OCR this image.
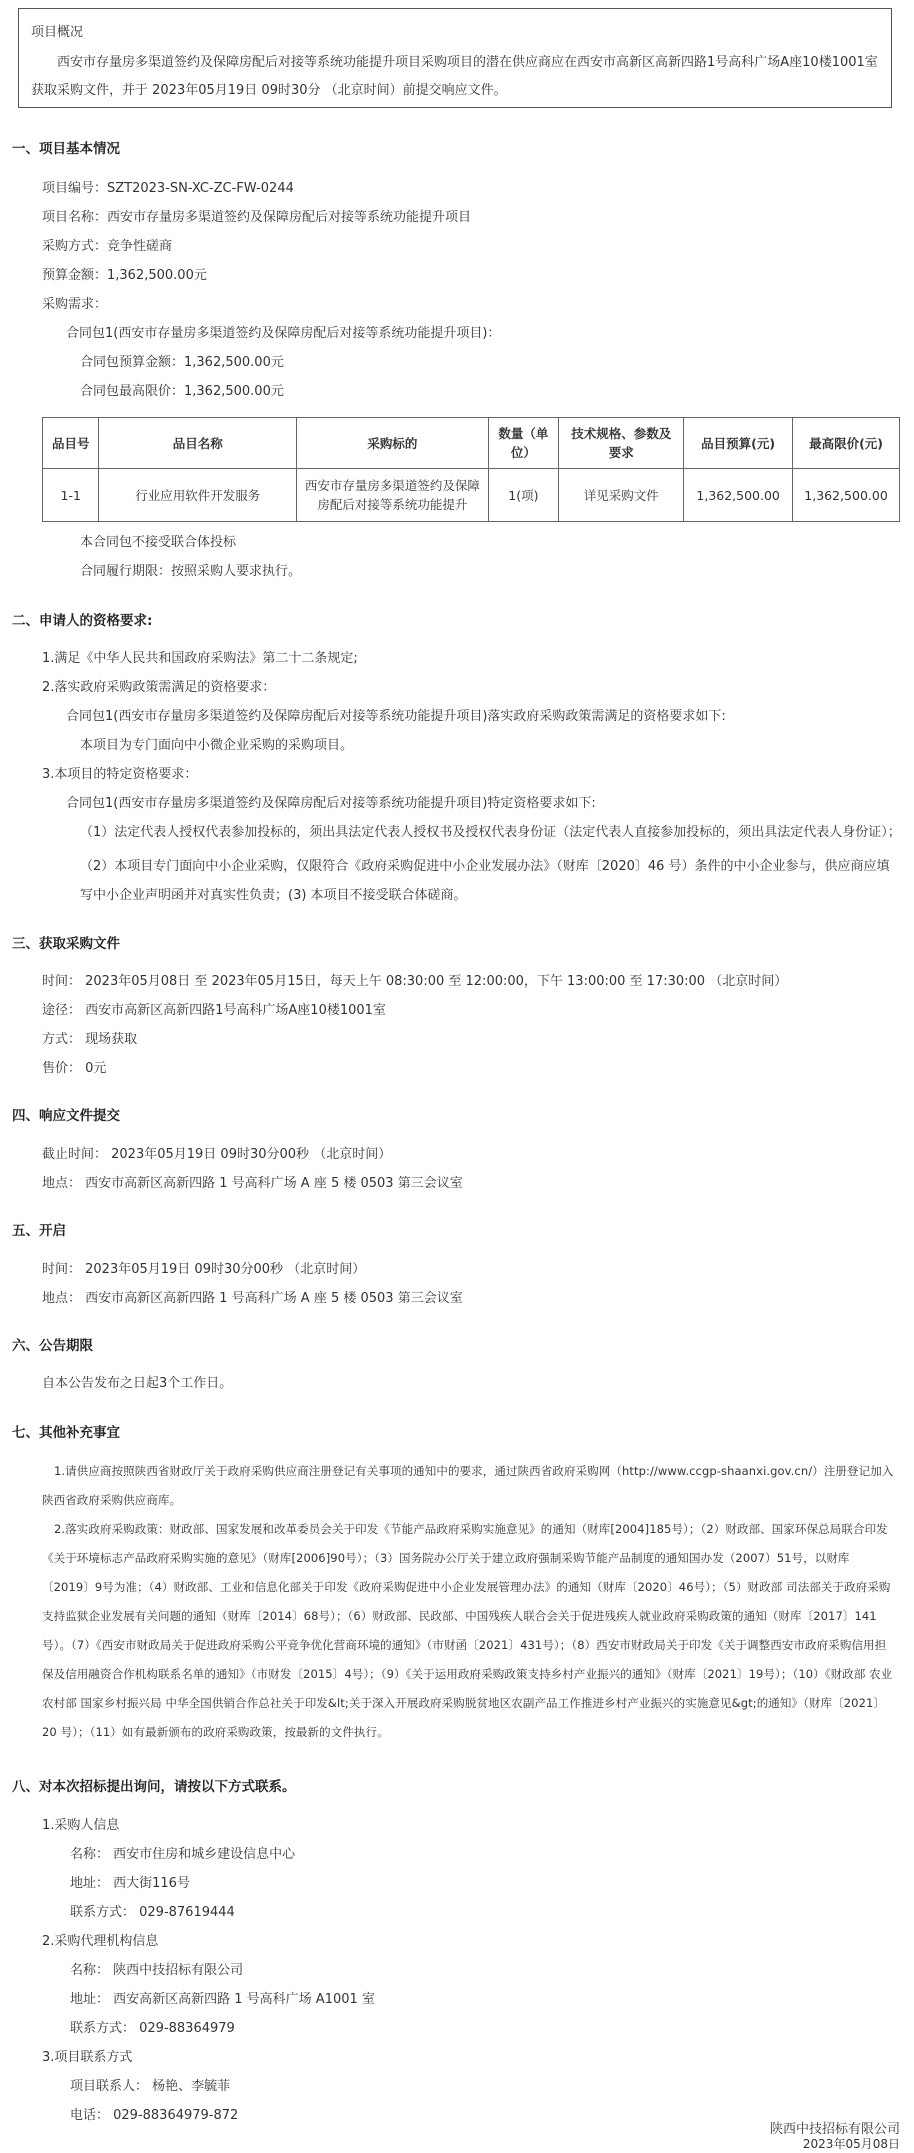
项目概况
西安市存量房多渠道签约及保障房配后对接等系统功能提升项目采购项目的潜在供应商应在西安市高新区高新四路1号高科广场A座10楼1001室获取采购文件，并于 2023年05月19日 09时30分 （北京时间）前提交响应文件。
一、项目基本情况
项目编号：SZT2023-SN-XC-ZC-FW-0244
项目名称：西安市存量房多渠道签约及保障房配后对接等系统功能提升项目
采购方式：竞争性磋商
预算金额：1,362,500.00元
采购需求：
合同包1(西安市存量房多渠道签约及保障房配后对接等系统功能提升项目)：
合同包预算金额：1,362,500.00元
合同包最高限价：1,362,500.00元
品目号	品目名称	采购标的	数量（单位）	技术规格、参数及要求	品目预算(元)	最高限价(元)
1-1	行业应用软件开发服务	西安市存量房多渠道签约及保障房配后对接等系统功能提升	1(项)	详见采购文件	1,362,500.00	1,362,500.00
本合同包不接受联合体投标
合同履行期限：按照采购人要求执行。
二、申请人的资格要求:
1.满足《中华人民共和国政府采购法》第二十二条规定;
2.落实政府采购政策需满足的资格要求：
合同包1(西安市存量房多渠道签约及保障房配后对接等系统功能提升项目)落实政府采购政策需满足的资格要求如下:
本项目为专门面向中小微企业采购的采购项目。
3.本项目的特定资格要求：
合同包1(西安市存量房多渠道签约及保障房配后对接等系统功能提升项目)特定资格要求如下:
（1）法定代表人授权代表参加投标的，须出具法定代表人授权书及授权代表身份证（法定代表人直接参加投标的，须出具法定代表人身份证）；
（2）本项目专门面向中小企业采购，仅限符合《政府采购促进中小企业发展办法》（财库〔2020〕46 号）条件的中小企业参与，供应商应填写中小企业声明函并对真实性负责；(3) 本项目不接受联合体磋商。
三、获取采购文件
时间： 2023年05月08日 至 2023年05月15日，每天上午 08:30:00 至 12:00:00，下午 13:00:00 至 17:30:00 （北京时间）
途径： 西安市高新区高新四路1号高科广场A座10楼1001室
方式： 现场获取
售价： 0元
四、响应文件提交
截止时间： 2023年05月19日 09时30分00秒 （北京时间）
地点： 西安市高新区高新四路 1 号高科广场 A 座 5 楼 0503 第三会议室
五、开启
时间： 2023年05月19日 09时30分00秒 （北京时间）
地点： 西安市高新区高新四路 1 号高科广场 A 座 5 楼 0503 第三会议室
六、公告期限
自本公告发布之日起3个工作日。
七、其他补充事宜
1.请供应商按照陕西省财政厅关于政府采购供应商注册登记有关事项的通知中的要求，通过陕西省政府采购网（http://www.ccgp-shaanxi.gov.cn/）注册登记加入陕西省政府采购供应商库。
2.落实政府采购政策：财政部、国家发展和改革委员会关于印发《节能产品政府采购实施意见》的通知（财库[2004]185号）；（2）财政部、国家环保总局联合印发《关于环境标志产品政府采购实施的意见》（财库[2006]90号）；（3）国务院办公厅关于建立政府强制采购节能产品制度的通知国办发（2007）51号，以财库〔2019〕9号为准；（4）财政部、工业和信息化部关于印发《政府采购促进中小企业发展管理办法》的通知（财库〔2020〕46号）；（5）财政部 司法部关于政府采购支持监狱企业发展有关问题的通知（财库〔2014〕68号）；（6）财政部、民政部、中国残疾人联合会关于促进残疾人就业政府采购政策的通知（财库〔2017〕141号）。（7）《西安市财政局关于促进政府采购公平竞争优化营商环境的通知》（市财函〔2021〕431号）；（8）西安市财政局关于印发《关于调整西安市政府采购信用担保及信用融资合作机构联系名单的通知》（市财发〔2015〕4号）；（9）《关于运用政府采购政策支持乡村产业振兴的通知》（财库〔2021〕19号）；（10）《财政部 农业农村部 国家乡村振兴局 中华全国供销合作总社关于印发&lt;关于深入开展政府采购脱贫地区农副产品工作推进乡村产业振兴的实施意见&gt;的通知》（财库〔2021〕20 号）；（11）如有最新颁布的政府采购政策，按最新的文件执行。
八、对本次招标提出询问，请按以下方式联系。
1.采购人信息
名称： 西安市住房和城乡建设信息中心
地址： 西大街116号
联系方式： 029-87619444
2.采购代理机构信息
名称： 陕西中技招标有限公司
地址： 西安高新区高新四路 1 号高科广场 A1001 室
联系方式： 029-88364979
3.项目联系方式
项目联系人： 杨艳、李毓菲
电话： 029-88364979-872
陕西中技招标有限公司
2023年05月08日
